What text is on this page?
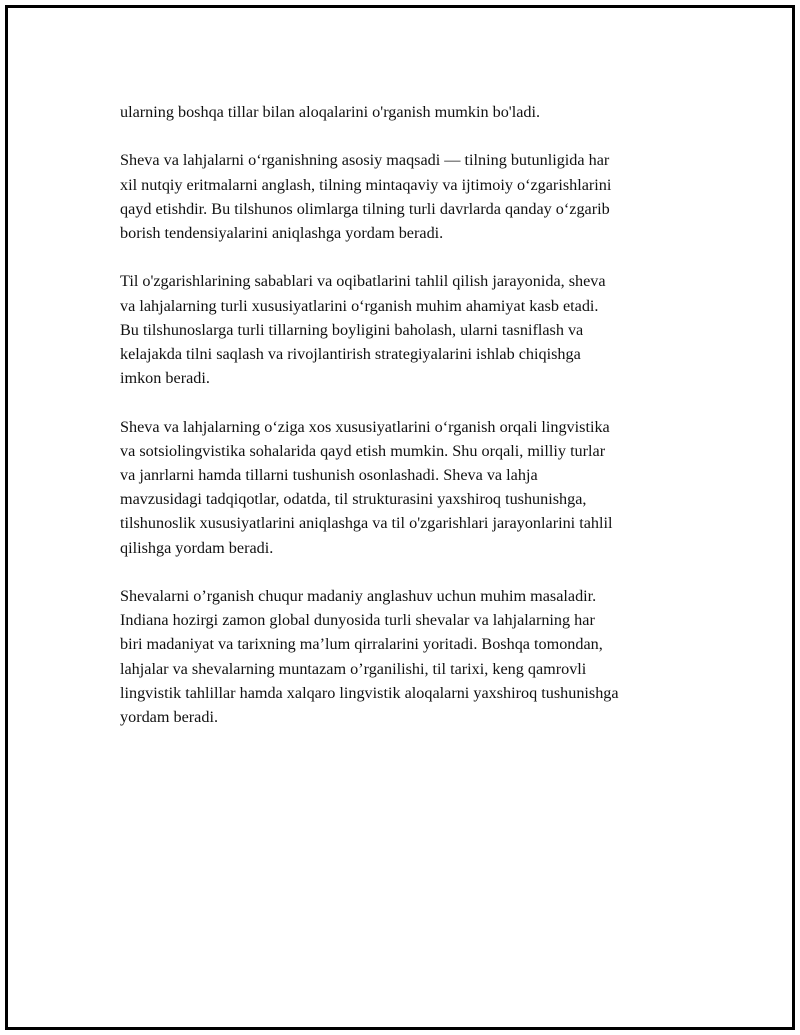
ularning boshqa tillar bilan aloqalarini o'rganish mumkin bo'ladi.

Sheva va lahjalarni o‘rganishning asosiy maqsadi — tilning butunligida har
xil nutqiy eritmalarni anglash, tilning mintaqaviy va ijtimoiy o‘zgarishlarini
qayd etishdir. Bu tilshunos olimlarga tilning turli davrlarda qanday o‘zgarib
borish tendensiyalarini aniqlashga yordam beradi.

Til o'zgarishlarining sabablari va oqibatlarini tahlil qilish jarayonida, sheva
va lahjalarning turli xususiyatlarini o‘rganish muhim ahamiyat kasb etadi.
Bu tilshunoslarga turli tillarning boyligini baholash, ularni tasniflash va
kelajakda tilni saqlash va rivojlantirish strategiyalarini ishlab chiqishga
imkon beradi.

Sheva va lahjalarning o‘ziga xos xususiyatlarini o‘rganish orqali lingvistika
va sotsiolingvistika sohalarida qayd etish mumkin. Shu orqali, milliy turlar
va janrlarni hamda tillarni tushunish osonlashadi. Sheva va lahja
mavzusidagi tadqiqotlar, odatda, til strukturasini yaxshiroq tushunishga,
tilshunoslik xususiyatlarini aniqlashga va til o'zgarishlari jarayonlarini tahlil
qilishga yordam beradi.

Shevalarni o’rganish chuqur madaniy anglashuv uchun muhim masaladir.
Indiana hozirgi zamon global dunyosida turli shevalar va lahjalarning har
biri madaniyat va tarixning ma’lum qirralarini yoritadi. Boshqa tomondan,
lahjalar va shevalarning muntazam o’rganilishi, til tarixi, keng qamrovli
lingvistik tahlillar hamda xalqaro lingvistik aloqalarni yaxshiroq tushunishga
yordam beradi.
